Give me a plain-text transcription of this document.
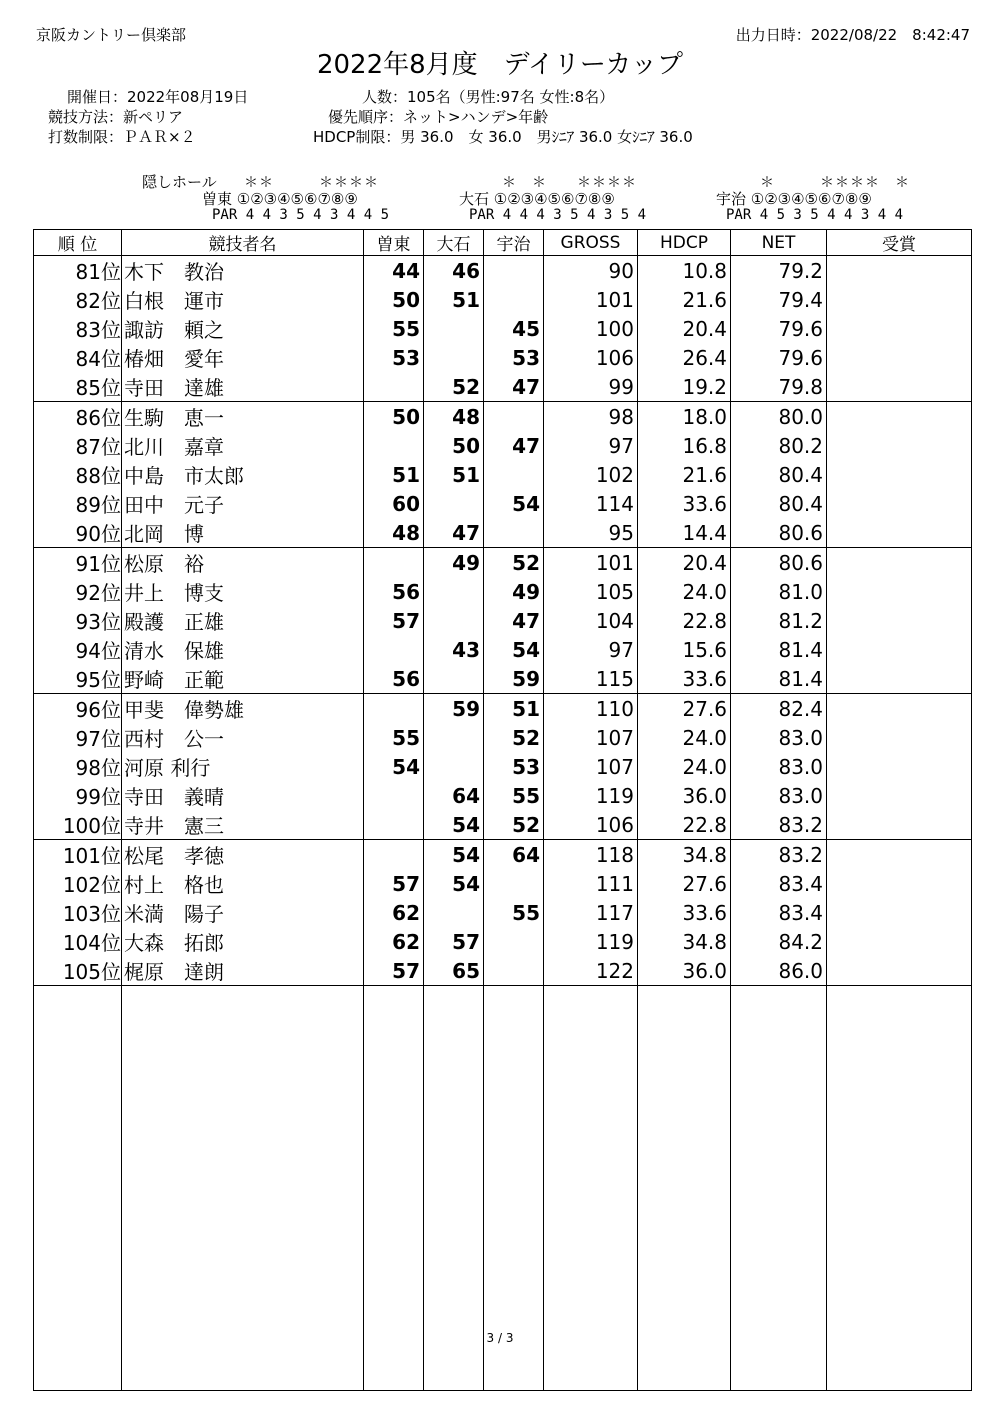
京阪カントリー倶楽部	出力日時：2022/08/22　8:42:47
2022年8月度　デイリーカップ
開催日：2022年08月19日
競技方法：新ペリア
打数制限：ＰＡＲ×２
人数：105名（男性:97名 女性:8名）
優先順序：ネット>ハンデ>年齢
HDCP制限：男 36.0　女 36.0　男ｼﾆｱ 36.0 女ｼﾆｱ 36.0
隠しホール ＊＊　　　＊＊＊＊
曽東 ①②③④⑤⑥⑦⑧⑨
PAR 4 4 3 5 4 3 4 4 5
＊　＊　　＊＊＊＊
大石 ①②③④⑤⑥⑦⑧⑨
PAR 4 4 4 3 5 4 3 5 4
＊　　　＊＊＊＊　＊
宇治 ①②③④⑤⑥⑦⑧⑨
PAR 4 5 3 5 4 4 3 4 4
順 位	競技者名	曽東	大石	宇治	GROSS	HDCP	NET	受賞
81位	木下　教治	44	46		90	10.8	79.2	
82位	白根　運市	50	51		101	21.6	79.4	
83位	諏訪　頼之	55		45	100	20.4	79.6	
84位	椿畑　愛年	53		53	106	26.4	79.6	
85位	寺田　達雄		52	47	99	19.2	79.8	
86位	生駒　恵一	50	48		98	18.0	80.0	
87位	北川　嘉章		50	47	97	16.8	80.2	
88位	中島　市太郎	51	51		102	21.6	80.4	
89位	田中　元子	60		54	114	33.6	80.4	
90位	北岡　博	48	47		95	14.4	80.6	
91位	松原　裕		49	52	101	20.4	80.6	
92位	井上　博支	56		49	105	24.0	81.0	
93位	殿護　正雄	57		47	104	22.8	81.2	
94位	清水　保雄		43	54	97	15.6	81.4	
95位	野崎　正範	56		59	115	33.6	81.4	
96位	甲斐　偉勢雄		59	51	110	27.6	82.4	
97位	西村　公一	55		52	107	24.0	83.0	
98位	河原 利行	54		53	107	24.0	83.0	
99位	寺田　義晴		64	55	119	36.0	83.0	
100位	寺井　憲三		54	52	106	22.8	83.2	
101位	松尾　孝徳		54	64	118	34.8	83.2	
102位	村上　格也	57	54		111	27.6	83.4	
103位	米満　陽子	62		55	117	33.6	83.4	
104位	大森　拓郎	62	57		119	34.8	84.2	
105位	梶原　達朗	57	65		122	36.0	86.0	

3 / 3
